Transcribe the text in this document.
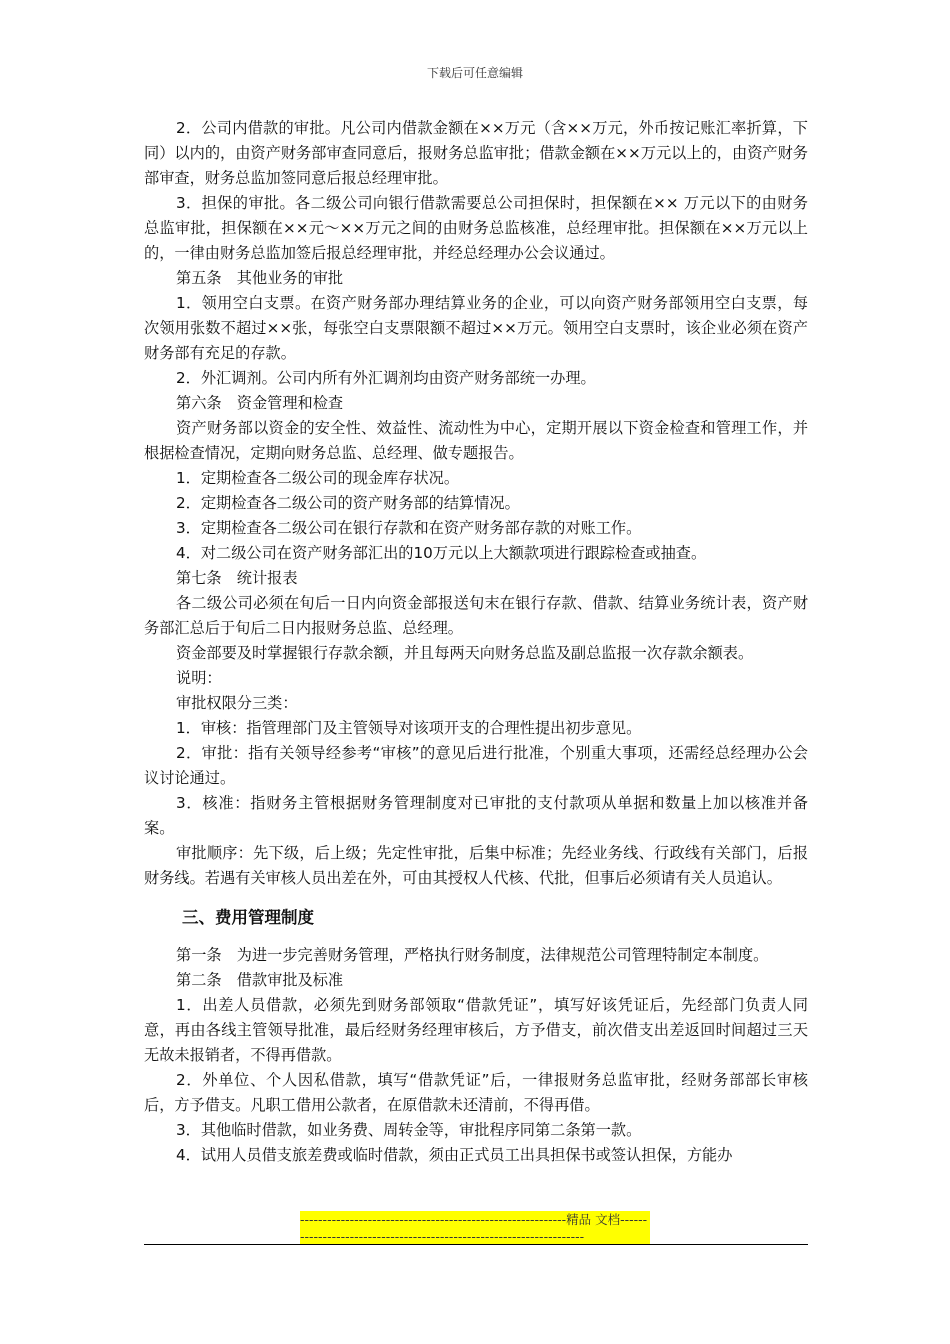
下载后可任意编辑

2．公司内借款的审批。凡公司内借款金额在××万元（含××万元，外币按记账汇率折算，下同）以内的，由资产财务部审查同意后，报财务总监审批；借款金额在××万元以上的，由资产财务部审查，财务总监加签同意后报总经理审批。

3．担保的审批。各二级公司向银行借款需要总公司担保时，担保额在×× 万元以下的由财务总监审批，担保额在××元～××万元之间的由财务总监核准，总经理审批。担保额在××万元以上的，一律由财务总监加签后报总经理审批，并经总经理办公会议通过。

第五条　其他业务的审批

1．领用空白支票。在资产财务部办理结算业务的企业，可以向资产财务部领用空白支票，每次领用张数不超过××张，每张空白支票限额不超过××万元。领用空白支票时，该企业必须在资产财务部有充足的存款。

2．外汇调剂。公司内所有外汇调剂均由资产财务部统一办理。

第六条　资金管理和检查

资产财务部以资金的安全性、效益性、流动性为中心，定期开展以下资金检查和管理工作，并根据检查情况，定期向财务总监、总经理、做专题报告。

1．定期检查各二级公司的现金库存状况。

2．定期检查各二级公司的资产财务部的结算情况。

3．定期检查各二级公司在银行存款和在资产财务部存款的对账工作。

4．对二级公司在资产财务部汇出的10万元以上大额款项进行跟踪检查或抽查。

第七条　统计报表

各二级公司必须在旬后一日内向资金部报送旬末在银行存款、借款、结算业务统计表，资产财务部汇总后于旬后二日内报财务总监、总经理。

资金部要及时掌握银行存款余额，并且每两天向财务总监及副总监报一次存款余额表。

说明：

审批权限分三类：

1．审核：指管理部门及主管领导对该项开支的合理性提出初步意见。

2．审批：指有关领导经参考“审核”的意见后进行批准，个别重大事项，还需经总经理办公会议讨论通过。

3．核准：指财务主管根据财务管理制度对已审批的支付款项从单据和数量上加以核准并备案。

审批顺序：先下级，后上级；先定性审批，后集中标准；先经业务线、行政线有关部门，后报财务线。若遇有关审核人员出差在外，可由其授权人代核、代批，但事后必须请有关人员追认。

三、费用管理制度

第一条　为进一步完善财务管理，严格执行财务制度，法律规范公司管理特制定本制度。

第二条　借款审批及标准

1．出差人员借款，必须先到财务部领取“借款凭证”，填写好该凭证后，先经部门负责人同意，再由各线主管领导批准，最后经财务经理审核后，方予借支，前次借支出差返回时间超过三天无故未报销者，不得再借款。

2．外单位、个人因私借款，填写“借款凭证”后，一律报财务总监审批，经财务部部长审核后，方予借支。凡职工借用公款者，在原借款未还清前，不得再借。

3．其他临时借款，如业务费、周转金等，审批程序同第二条第一款。

4．试用人员借支旅差费或临时借款，须由正式员工出具担保书或签认担保，方能办

-----------------------------------------------------------精品 文档---------------------------------------------------------------------
